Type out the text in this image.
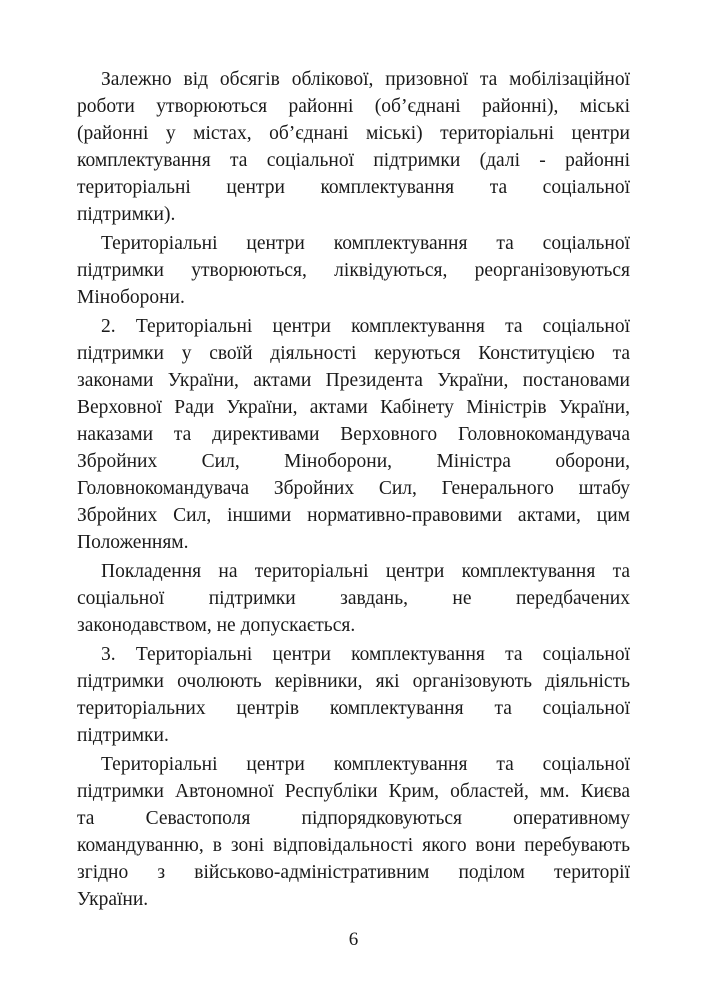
Залежно від обсягів облікової, призовної та мобілізаційної
роботи утворюються районні (об’єднані районні), міські
(районні у містах, об’єднані міські) територіальні центри
комплектування та соціальної підтримки (далі - районні
територіальні центри комплектування та соціальної
підтримки).
Територіальні центри комплектування та соціальної
підтримки утворюються, ліквідуються, реорганізовуються
Міноборони.
2. Територіальні центри комплектування та соціальної
підтримки у своїй діяльності керуються Конституцією та
законами України, актами Президента України, постановами
Верховної Ради України, актами Кабінету Міністрів України,
наказами та директивами Верховного Головнокомандувача
Збройних Сил, Міноборони, Міністра оборони,
Головнокомандувача Збройних Сил, Генерального штабу
Збройних Сил, іншими нормативно-правовими актами, цим
Положенням.
Покладення на територіальні центри комплектування та
соціальної підтримки завдань, не передбачених
законодавством, не допускається.
3. Територіальні центри комплектування та соціальної
підтримки очолюють керівники, які організовують діяльність
територіальних центрів комплектування та соціальної
підтримки.
Територіальні центри комплектування та соціальної
підтримки Автономної Республіки Крим, областей, мм. Києва
та Севастополя підпорядковуються оперативному
командуванню, в зоні відповідальності якого вони перебувають
згідно з військово-адміністративним поділом території
України.
6
